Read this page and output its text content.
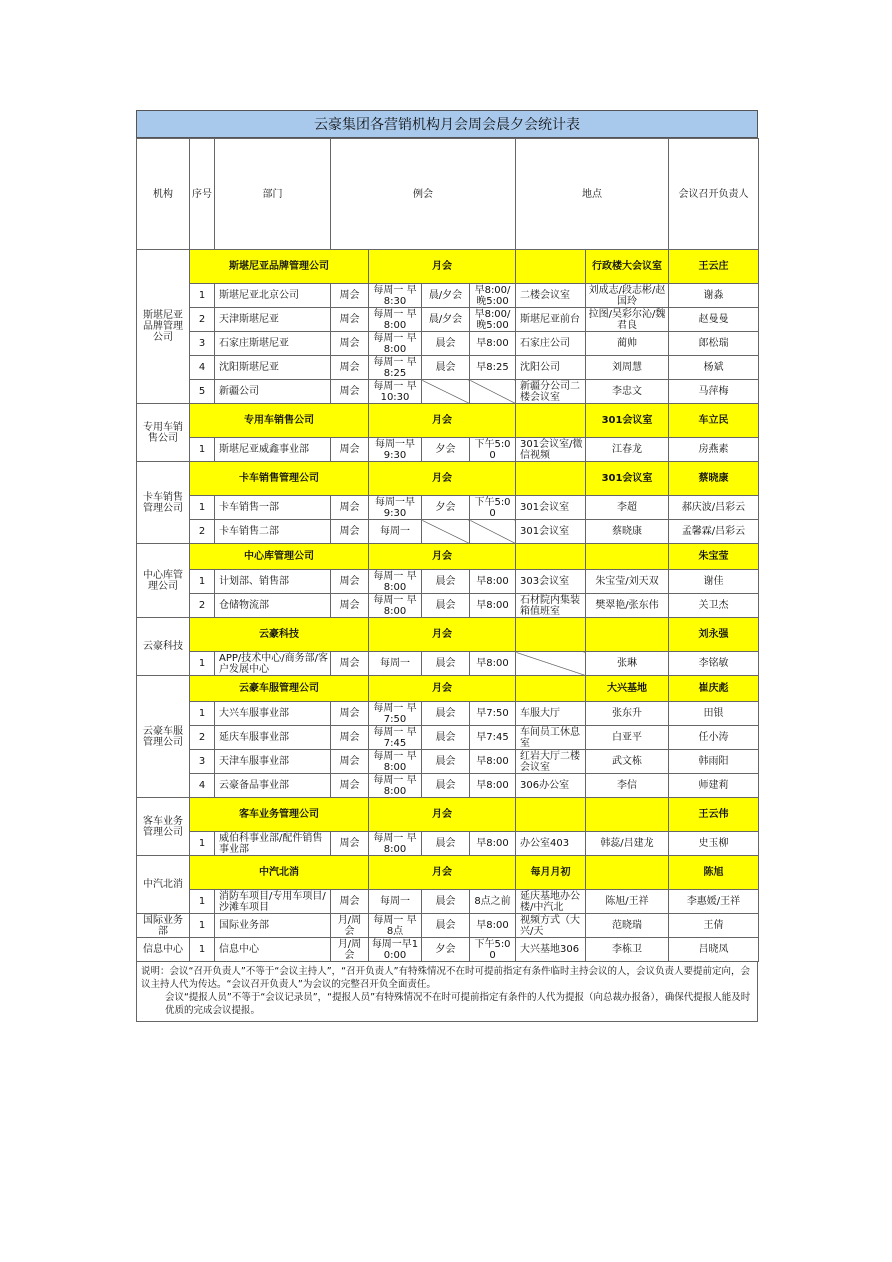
云豪集团各营销机构月会周会晨夕会统计表
机构	序号	部门	例会				地点		会议召开负责人	
斯堪尼亚品牌管理公司	斯堪尼亚品牌管理公司			月会				行政楼大会议室	王云庄	
	1	斯堪尼亚北京公司	周会	每周一 早8:30	晨/夕会	早8:00/晚5:00	二楼会议室	刘成志/段志彬/赵国玲	谢淼	
	2	天津斯堪尼亚	周会	每周一 早8:00	晨/夕会	早8:00/晚5:00	斯堪尼亚前台	拉图/吴彩尔沁/魏君良	赵曼曼	
	3	石家庄斯堪尼亚	周会	每周一 早8:00	晨会	早8:00	石家庄公司	蔺帅	郎松瑞	
	4	沈阳斯堪尼亚	周会	每周一 早8:25	晨会	早8:25	沈阳公司	刘周慧	杨斌	
	5	新疆公司	周会	每周一 早10:30			新疆分公司二楼会议室	李忠文	马萍梅	
专用车销售公司	专用车销售公司			月会				301会议室	车立民	
	1	斯堪尼亚威鑫事业部	周会	每周一早9:30	夕会	下午5:00	301会议室/微信视频	江春龙	房燕素	
卡车销售管理公司	卡车销售管理公司			月会				301会议室	蔡晓康	
	1	卡车销售一部	周会	每周一早9:30	夕会	下午5:00	301会议室	李超	郝庆波/吕彩云	
	2	卡车销售二部	周会	每周一			301会议室	蔡晓康	孟馨霖/吕彩云	
中心库管理公司	中心库管理公司			月会					朱宝莹	
	1	计划部、销售部	周会	每周一 早8:00	晨会	早8:00	303会议室	朱宝莹/刘天双	谢佳	
	2	仓储物流部	周会	每周一 早8:00	晨会	早8:00	石材院内集装箱值班室	樊翠艳/张东伟	关卫杰	
云豪科技	云豪科技			月会					刘永强	
	1	APP/技术中心/商务部/客户发展中心	周会	每周一	晨会	早8:00		张琳	李铭敏	
云豪车服管理公司	云豪车服管理公司			月会				大兴基地	崔庆彪	
	1	大兴车服事业部	周会	每周一 早7:50	晨会	早7:50	车服大厅	张东升	田银	
	2	延庆车服事业部	周会	每周一 早7:45	晨会	早7:45	车间员工休息室	白亚平	任小涛	
	3	天津车服事业部	周会	每周一 早8:00	晨会	早8:00	红岩大厅二楼会议室	武文栋	韩雨阳	
	4	云豪备品事业部	周会	每周一 早8:00	晨会	早8:00	306办公室	李信	师建莉	
客车业务管理公司	客车业务管理公司			月会					王云伟	
	1	威伯科事业部/配件销售事业部	周会	每周一 早8:00	晨会	早8:00	办公室403	韩蕊/吕建龙	史玉柳	
中汽北消	中汽北消			月会			每月月初		陈旭	
	1	消防车项目/专用车项目/沙滩车项目	周会	每周一	晨会	8点之前	延庆基地办公楼/中汽北	陈旭/王祥	李惠媛/王祥	
国际业务部	1	国际业务部	月/周会	每周一 早8点	晨会	早8:00	视频方式（大兴/天	范晓瑞	王倩	
信息中心	1	信息中心	月/周会	每周一早10:00	夕会	下午5:00	大兴基地306	李栋卫	吕晓凤	
说明：会议“召开负责人”不等于“会议主持人”，“召开负责人”有特殊情况不在时可提前指定有条件临时主持会议的人，会议负责人要提前定向，会议主持人代为传达。“会议召开负责人”为会议的完整召开负全面责任。
会议“提报人员”不等于“会议记录员”，“提报人员”有特殊情况不在时可提前指定有条件的人代为提报（向总裁办报备），确保代提报人能及时优质的完成会议提报。
